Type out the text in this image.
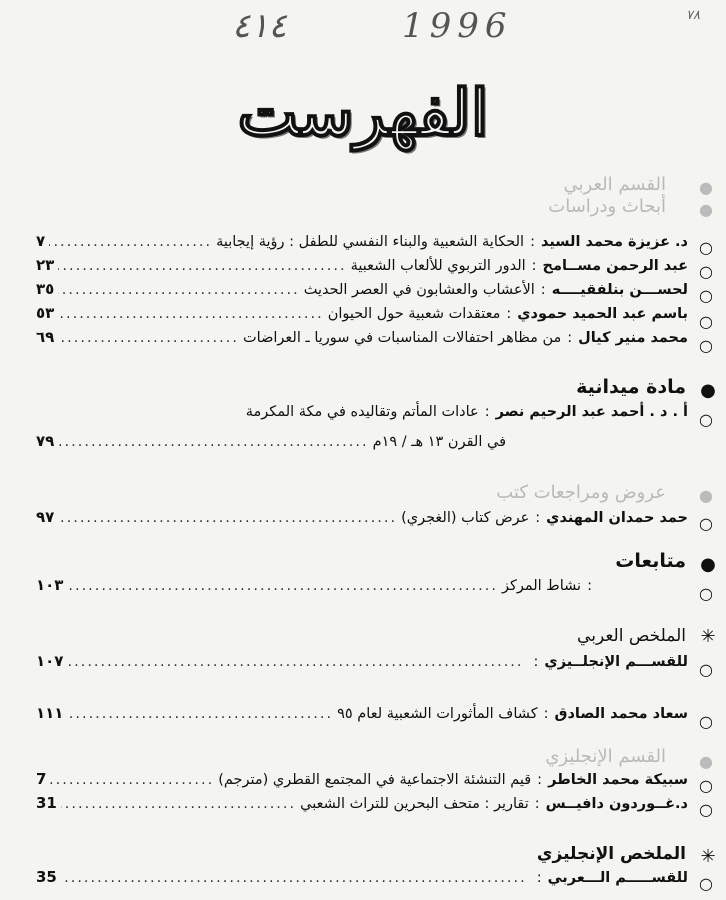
٤١٤	1996	٧٨
الفهرست
●
القسم العربي
●
أبحاث ودراسات
○
د. عزيزة محمد السيد
:
الحكاية الشعبية والبناء النفسي للطفل : رؤية إيجابية
.....
٧
○
عبد الرحمن مســامح
:
الدور التربوي للألعاب الشعبية
.....
٢٣
○
لحســـن بنلفقيــــه
:
الأعشاب والعشابون في العصر الحديث
.....
٣٥
○
باسم عبد الحميد حمودي
:
معتقدات شعبية حول الحيوان
.....
٥٣
○
محمد منير كيال
:
من مظاهر احتفالات المناسبات في سوريا ـ العراضات
.....
٦٩
●
مادة ميدانية
○
أ . د . أحمد عبد الرحيم نصر
:
عادات المأتم وتقاليده في مكة المكرمة
في القرن ١٣ هـ / ١٩م
.....
٧٩
●
عروض ومراجعات كتب
○
حمد حمدان المهندي
:
عرض كتاب (الغجري)
.....
٩٧
●
متابعات
○
:
نشاط المركز
.....
١٠٣
✳
الملخص العربي
○
للقســـم الإنجلــيزي
:
.....
١٠٧
○
سعاد محمد الصادق
:
كشاف المأثورات الشعبية لعام ٩٥
.....
١١١
●
القسم الإنجليزي
○
سبيكة محمد الخاطر
:
قيم التنشئة الاجتماعية في المجتمع القطري (مترجم)
.....
7
○
د.غــوردون دافيــس
:
تقارير : متحف البحرين للتراث الشعبي
.....
31
✳
الملخص الإنجليزي
○
للقســـــم الـــعربي
:
.....
35
